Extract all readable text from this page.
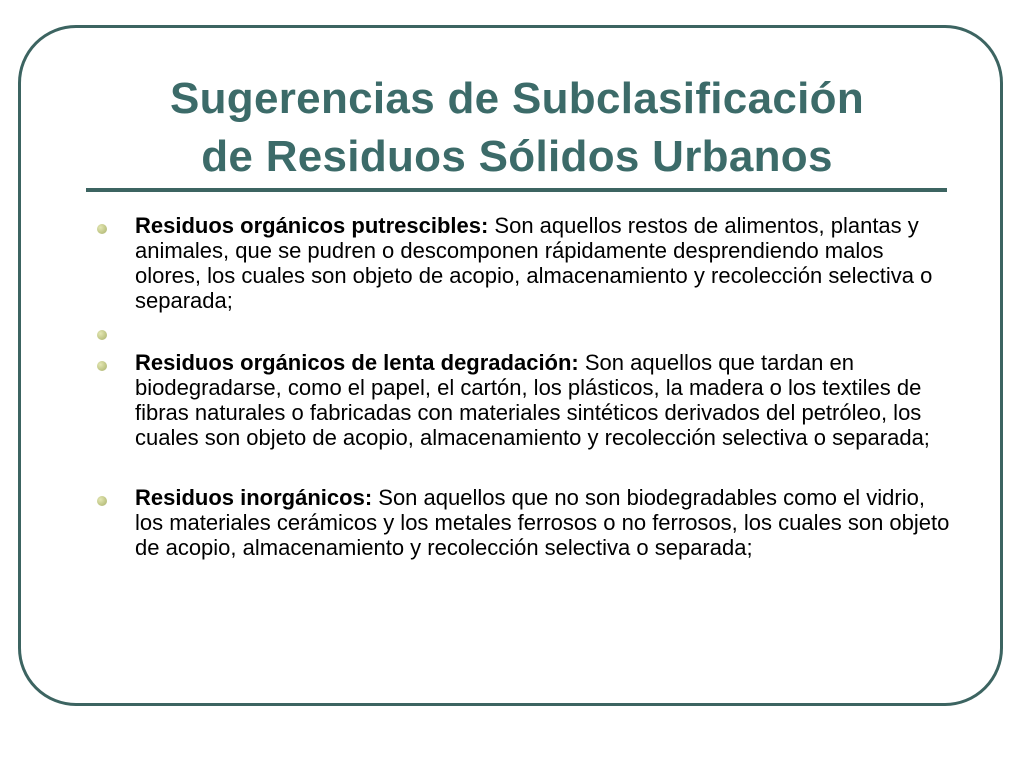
Sugerencias de Subclasificación
de Residuos Sólidos Urbanos
Residuos orgánicos putrescibles: Son aquellos restos de alimentos, plantas y animales, que se pudren o descomponen rápidamente desprendiendo malos olores, los cuales son objeto de acopio, almacenamiento y recolección selectiva o separada;
Residuos orgánicos de lenta degradación: Son aquellos que tardan en biodegradarse, como el papel, el cartón, los plásticos, la madera o los textiles de fibras naturales o fabricadas con materiales sintéticos derivados del petróleo, los cuales son objeto de acopio, almacenamiento y recolección selectiva o separada;
Residuos inorgánicos: Son aquellos que no son biodegradables como el vidrio, los materiales cerámicos y los metales ferrosos o no ferrosos, los cuales son objeto de acopio, almacenamiento y recolección selectiva o separada;
